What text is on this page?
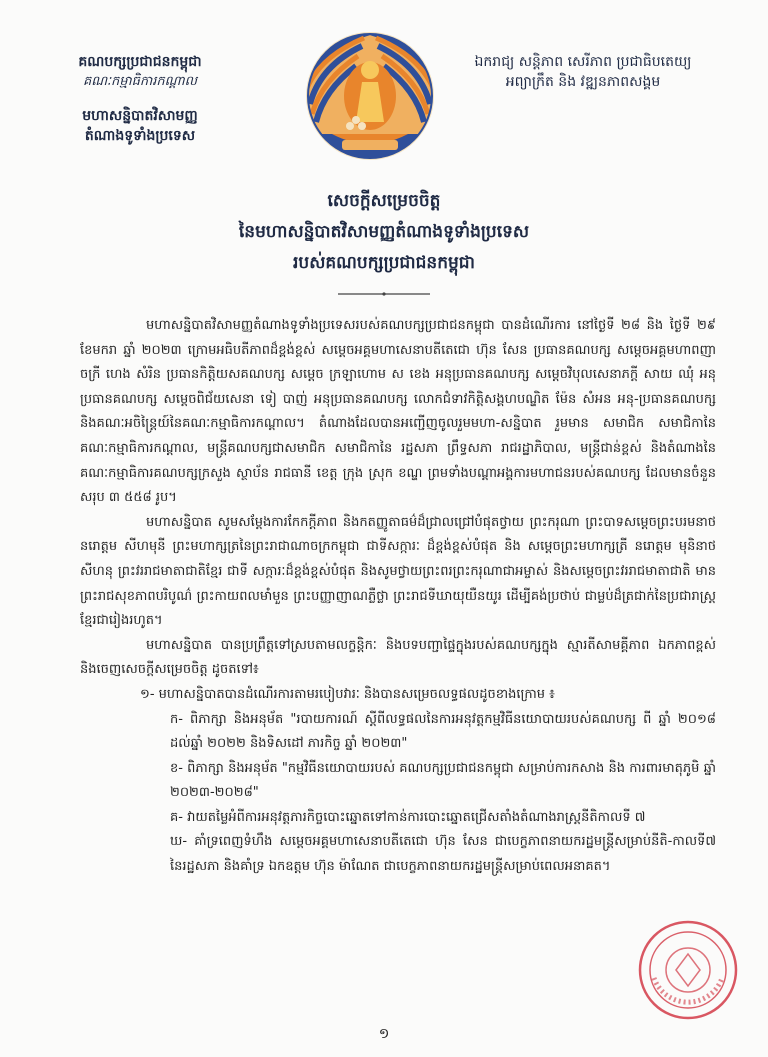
គណបក្សប្រជាជនកម្ពុជា
គណៈកម្មាធិការកណ្តាល
មហាសន្និបាតវិសាមញ្ញ
តំណាងទូទាំងប្រទេស
ឯករាជ្យ សន្តិភាព សេរីភាព ប្រជាធិបតេយ្យ
អព្យាក្រឹត និង វឌ្ឍនភាពសង្គម
សេចក្តីសម្រេចចិត្ត
នៃមហាសន្និបាតវិសាមញ្ញតំណាងទូទាំងប្រទេស
របស់គណបក្សប្រជាជនកម្ពុជា

មហាសន្និបាតវិសាមញ្ញតំណាងទូទាំងប្រទេសរបស់គណបក្សប្រជាជនកម្ពុជា បានដំណើរការ នៅថ្ងៃទី ២៨ និង ថ្ងៃទី ២៩ ខែមករា ឆ្នាំ ២០២៣ ក្រោមអធិបតីភាពដ៏ខ្ពង់ខ្ពស់ សម្តេចអគ្គមហាសេនាបតីតេជោ ហ៊ុន សែន ប្រធានគណបក្ស សម្តេចអគ្គមហាពញាចក្រី ហេង សំរិន ប្រធានកិត្តិយសគណបក្ស សម្តេច ក្រឡាហោម ស ខេង អនុប្រធានគណបក្ស សម្តេចវិបុលសេនាភក្តី សាយ ឈុំ អនុប្រធានគណបក្ស សម្តេចពិជ័យសេនា ទៀ បាញ់ អនុប្រធានគណបក្ស លោកជំទាវកិត្តិសង្គហបណ្ឌិត ម៉ែន សំអន អនុ-ប្រធានគណបក្ស និងគណៈអចិន្ត្រៃយ៍នៃគណៈកម្មាធិការកណ្តាល។ តំណាងដែលបានអញ្ជើញចូលរួមមហា-សន្និបាត រួមមាន សមាជិក សមាជិកានៃគណៈកម្មាធិការកណ្តាល, មន្ត្រីគណបក្សជាសមាជិក សមាជិកានៃ រដ្ឋសភា ព្រឹទ្ធសភា រាជរដ្ឋាភិបាល, មន្ត្រីជាន់ខ្ពស់ និងតំណាងនៃគណៈកម្មាធិការគណបក្សក្រសួង ស្ថាប័ន រាជធានី ខេត្ត ក្រុង ស្រុក ខណ្ឌ ព្រមទាំងបណ្តាអង្គការមហាជនរបស់គណបក្ស ដែលមានចំនួនសរុប ៣ ៥៥៨ រូប។

មហាសន្និបាត សូមសម្តែងការកែកក្តីភាព និងកតញ្ញូតាធម៌ដ៏ជ្រាលជ្រៅបំផុតថ្វាយ ព្រះករុណា ព្រះបាទសម្តេចព្រះបរមនាថ នរោត្តម សីហមុនី ព្រះមហាក្សត្រនៃព្រះរាជាណាចក្រកម្ពុជា ជាទីសក្ការៈ ដ៏ខ្ពង់ខ្ពស់បំផុត និង សម្តេចព្រះមហាក្សត្រី នរោត្តម មុនិនាថ សីហនុ ព្រះវររាជមាតាជាតិខ្មែរ ជាទី សក្ការៈដ៏ខ្ពង់ខ្ពស់បំផុត និងសូមថ្វាយព្រះពរព្រះករុណាជាអម្ចាស់ និងសម្តេចព្រះវររាជមាតាជាតិ មាន ព្រះរាជសុខភាពបរិបូណ៌ ព្រះកាយពលមាំមួន ព្រះបញ្ញាញាណភ្លឺថ្លា ព្រះរាជទីឃាយុយឺនយូរ ដើម្បីគង់ប្រថាប់ ជាម្លប់ដ៏ត្រជាក់នៃប្រជារាស្ត្រខ្មែរជារៀងរហូត។

មហាសន្និបាត បានប្រព្រឹត្តទៅស្របតាមលក្ខន្តិកៈ និងបទបញ្ជាផ្ទៃក្នុងរបស់គណបក្សក្នុង ស្មារតីសាមគ្គីភាព ឯកភាពខ្ពស់ និងចេញសេចក្តីសម្រេចចិត្ត ដូចតទៅ៖

១- មហាសន្និបាតបានដំណើរការតាមរបៀបវារៈ និងបានសម្រេចលទ្ធផលដូចខាងក្រោម ៖

ក- ពិភាក្សា និងអនុម័ត "របាយការណ៍ ស្តីពីលទ្ធផលនៃការអនុវត្តកម្មវិធីនយោបាយរបស់គណបក្ស ពី ឆ្នាំ ២០១៨ ដល់ឆ្នាំ ២០២២ និងទិសដៅ ភារកិច្ច ឆ្នាំ ២០២៣"

ខ- ពិភាក្សា និងអនុម័ត "កម្មវិធីនយោបាយរបស់ គណបក្សប្រជាជនកម្ពុជា សម្រាប់ការកសាង និង ការពារមាតុភូមិ ឆ្នាំ ២០២៣-២០២៨"

គ- វាយតម្លៃអំពីការអនុវត្តភារកិច្ចបោះឆ្នោតទៅកាន់ការបោះឆ្នោតជ្រើសតាំងតំណាងរាស្ត្រនីតិកាលទី ៧

ឃ- គាំទ្រពេញទំហឹង សម្តេចអគ្គមហាសេនាបតីតេជោ ហ៊ុន សែន ជាបេក្ខភាពនាយករដ្ឋមន្ត្រីសម្រាប់នីតិ-កាលទី៧ នៃរដ្ឋសភា និងគាំទ្រ ឯកឧត្តម ហ៊ុន ម៉ាណែត ជាបេក្ខភាពនាយករដ្ឋមន្ត្រីសម្រាប់ពេលអនាគត។

១
